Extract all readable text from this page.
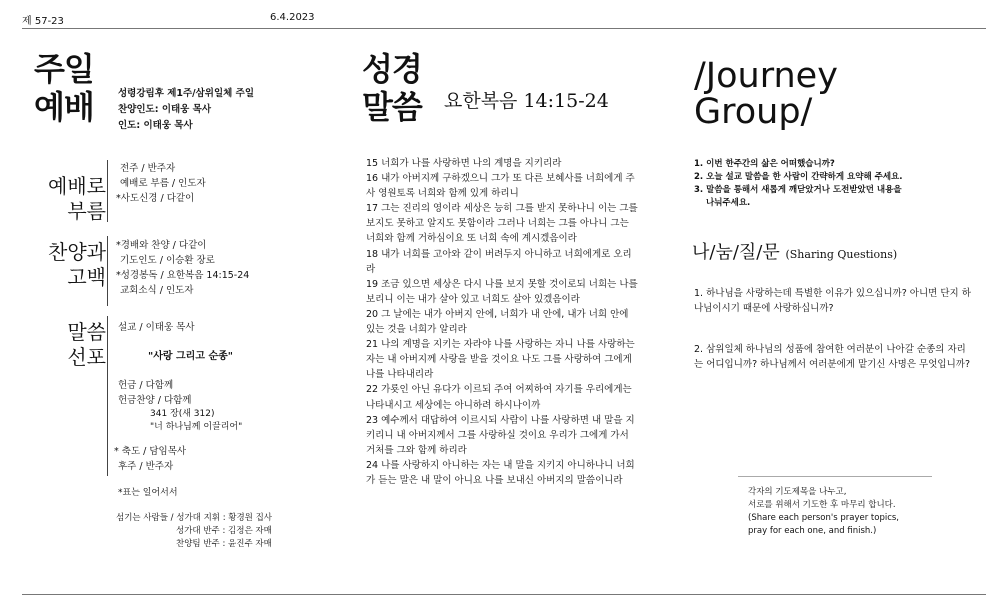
제 57-23	6.4.2023
주일
예배	성령강림후 제1주/삼위일체 주일
찬양인도: 이태웅 목사
인도: 이태웅 목사
예배로
부름
전주 / 반주자
예배로 부름 / 인도자
*사도신경 / 다같이
찬양과
고백
*경배와 찬양 / 다같이
기도인도 / 이승환 장로
*성경봉독 / 요한복음 14:15-24
교회소식 / 인도자
말씀
선포
설교 / 이태웅 목사
"사랑 그리고 순종"
헌금 / 다함께
헌금찬양 / 다함께
341 장(새 312)
"너 하나님께 이끌리어"
* 축도 / 담임목사
후주 / 반주자
*표는 일어서서
섬기는 사람들 / 성가대 지휘 : 황경원 집사
성가대 반주 : 김정은 자매
찬양팀 반주 : 윤진주 자매
성경
말씀 요한복음 14:15-24

15 너희가 나를 사랑하면 나의 계명을 지키리라

16 내가 아버지께 구하겠으니 그가 또 다른 보혜사를 너희에게 주사 영원토록 너희와 함께 있게 하리니

17 그는 진리의 영이라 세상은 능히 그를 받지 못하나니 이는 그를 보지도 못하고 알지도 못함이라 그러나 너희는 그를 아나니 그는 너희와 함께 거하심이요 또 너희 속에 계시겠음이라

18 내가 너희를 고아와 같이 버려두지 아니하고 너희에게로 오리라

19 조금 있으면 세상은 다시 나를 보지 못할 것이로되 너희는 나를 보리니 이는 내가 살아 있고 너희도 살아 있겠음이라

20 그 날에는 내가 아버지 안에, 너희가 내 안에, 내가 너희 안에 있는 것을 너희가 알리라

21 나의 계명을 지키는 자라야 나를 사랑하는 자니 나를 사랑하는 자는 내 아버지께 사랑을 받을 것이요 나도 그를 사랑하여 그에게 나를 나타내리라

22 가룟인 아닌 유다가 이르되 주여 어찌하여 자기를 우리에게는 나타내시고 세상에는 아니하려 하시나이까

23 예수께서 대답하여 이르시되 사람이 나를 사랑하면 내 말을 지키리니 내 아버지께서 그를 사랑하실 것이요 우리가 그에게 가서 거처를 그와 함께 하리라

24 나를 사랑하지 아니하는 자는 내 말을 지키지 아니하나니 너희가 듣는 말은 내 말이 아니요 나를 보내신 아버지의 말씀이니라

/Journey
Group/
1. 이번 한주간의 삶은 어떠했습니까?
2. 오늘 설교 말씀을 한 사람이 간략하게 요약해 주세요.
3. 말씀을 통해서 새롭게 깨닫았거나 도전받았던 내용을
나눠주세요.
나/눔/질/문 (Sharing Questions)
1. 하나님을 사랑하는데 특별한 이유가 있으십니까? 아니면 단지 하나님이시기 때문에 사랑하십니까?
2. 삼위일체 하나님의 성품에 참여한 여러분이 나아갈 순종의 자리는 어디입니까? 하나님께서 여러분에게 맡기신 사명은 무엇입니까?
각자의 기도제목을 나누고,
서로를 위해서 기도한 후 마무리 합니다.
(Share each person's prayer topics,
pray for each one, and finish.)
